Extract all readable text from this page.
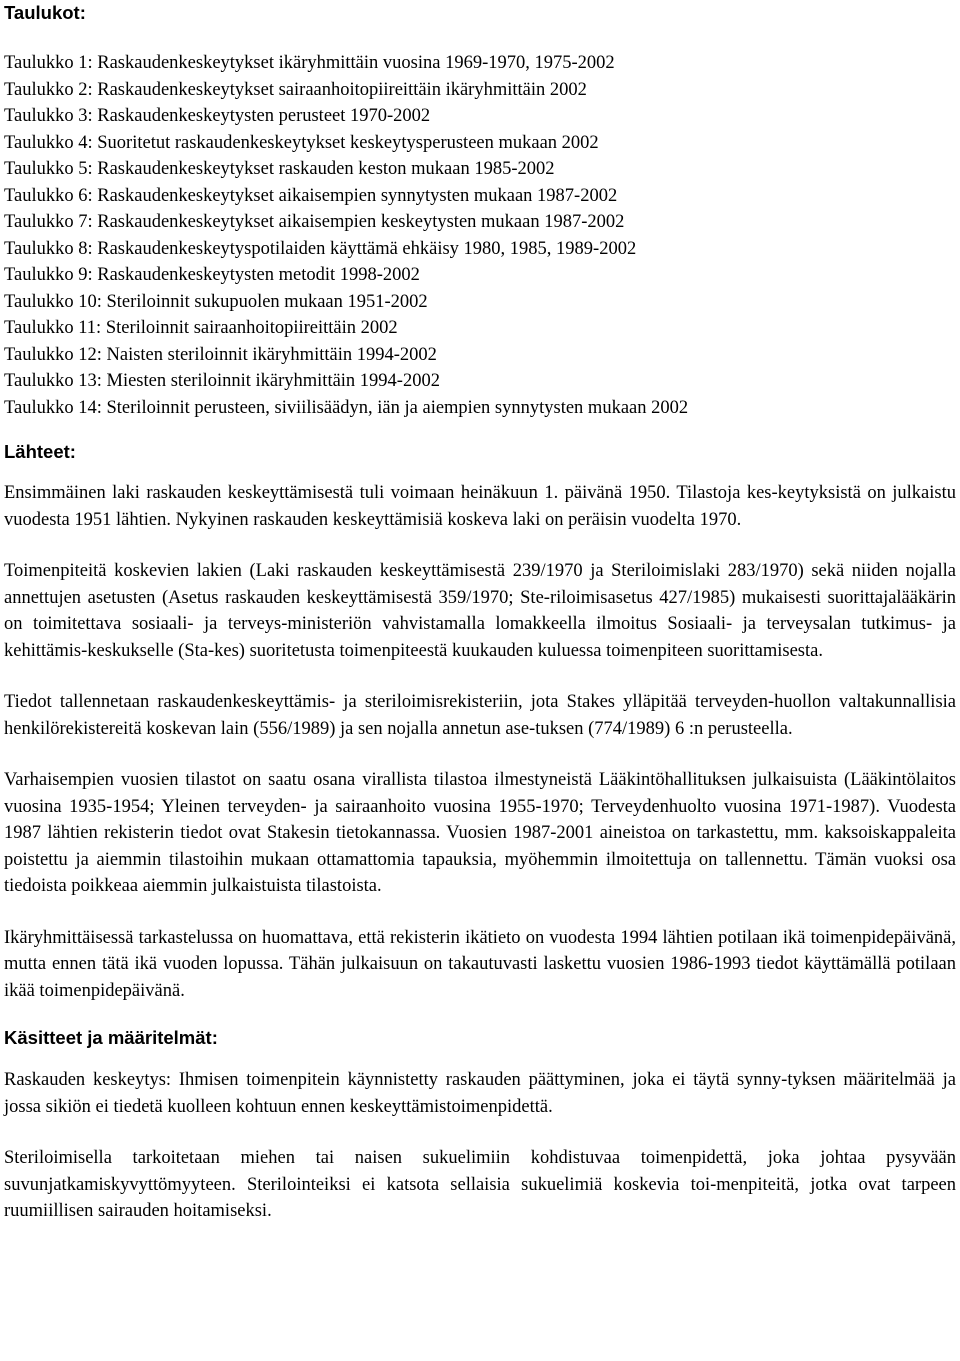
Taulukot:

Taulukko 1: Raskaudenkeskeytykset ikäryhmittäin vuosina 1969-1970, 1975-2002
Taulukko 2: Raskaudenkeskeytykset sairaanhoitopiireittäin ikäryhmittäin 2002
Taulukko 3: Raskaudenkeskeytysten perusteet 1970-2002
Taulukko 4: Suoritetut raskaudenkeskeytykset keskeytysperusteen mukaan 2002
Taulukko 5: Raskaudenkeskeytykset raskauden keston mukaan 1985-2002
Taulukko 6: Raskaudenkeskeytykset aikaisempien synnytysten mukaan 1987-2002
Taulukko 7: Raskaudenkeskeytykset aikaisempien keskeytysten mukaan 1987-2002
Taulukko 8: Raskaudenkeskeytyspotilaiden käyttämä ehkäisy 1980, 1985, 1989-2002
Taulukko 9: Raskaudenkeskeytysten metodit 1998-2002
Taulukko 10: Steriloinnit sukupuolen mukaan 1951-2002
Taulukko 11: Steriloinnit sairaanhoitopiireittäin 2002
Taulukko 12: Naisten steriloinnit ikäryhmittäin 1994-2002
Taulukko 13: Miesten steriloinnit ikäryhmittäin 1994-2002
Taulukko 14: Steriloinnit perusteen, siviilisäädyn, iän ja aiempien synnytysten mukaan 2002

Lähteet:

Ensimmäinen laki raskauden keskeyttämisestä tuli voimaan heinäkuun 1. päivänä 1950. Tilastoja kes-keytyksistä on julkaistu vuodesta 1951 lähtien. Nykyinen raskauden keskeyttämisiä koskeva laki on peräisin vuodelta 1970.

Toimenpiteitä koskevien lakien (Laki raskauden keskeyttämisestä 239/1970 ja Steriloimislaki 283/1970) sekä niiden nojalla annettujen asetusten (Asetus raskauden keskeyttämisestä 359/1970; Ste-riloimisasetus 427/1985) mukaisesti suorittajalääkärin on toimitettava sosiaali- ja terveys-ministeriön vahvistamalla lomakkeella ilmoitus Sosiaali- ja terveysalan tutkimus- ja kehittämis-keskukselle (Sta-kes) suoritetusta toimenpiteestä kuukauden kuluessa toimenpiteen suorittamisesta.

Tiedot tallennetaan raskaudenkeskeyttämis- ja steriloimisrekisteriin, jota Stakes ylläpitää terveyden-huollon valtakunnallisia henkilörekistereitä koskevan lain (556/1989) ja sen nojalla annetun ase-tuksen (774/1989) 6 :n perusteella.

Varhaisempien vuosien tilastot on saatu osana virallista tilastoa ilmestyneistä Lääkintöhallituksen julkaisuista (Lääkintölaitos vuosina 1935-1954; Yleinen terveyden- ja sairaanhoito vuosina 1955-1970; Terveydenhuolto vuosina 1971-1987). Vuodesta 1987 lähtien rekisterin tiedot ovat Stakesin tietokannassa. Vuosien 1987-2001 aineistoa on tarkastettu, mm. kaksoiskappaleita poistettu ja aiemmin tilastoihin mukaan ottamattomia tapauksia, myöhemmin ilmoitettuja on tallennettu. Tämän vuoksi osa tiedoista poikkeaa aiemmin julkaistuista tilastoista.

Ikäryhmittäisessä tarkastelussa on huomattava, että rekisterin ikätieto on vuodesta 1994 lähtien potilaan ikä toimenpidepäivänä, mutta ennen tätä ikä vuoden lopussa. Tähän julkaisuun on takautuvasti laskettu vuosien 1986-1993 tiedot käyttämällä potilaan ikää toimenpidepäivänä.

Käsitteet ja määritelmät:

Raskauden keskeytys: Ihmisen toimenpitein käynnistetty raskauden päättyminen, joka ei täytä synny-tyksen määritelmää ja jossa sikiön ei tiedetä kuolleen kohtuun ennen keskeyttämistoimenpidettä.

Steriloimisella tarkoitetaan miehen tai naisen sukuelimiin kohdistuvaa toimenpidettä, joka johtaa pysyvään suvunjatkamiskyvyttömyyteen. Sterilointeiksi ei katsota sellaisia sukuelimiä koskevia toi-menpiteitä, jotka ovat tarpeen ruumiillisen sairauden hoitamiseksi.
